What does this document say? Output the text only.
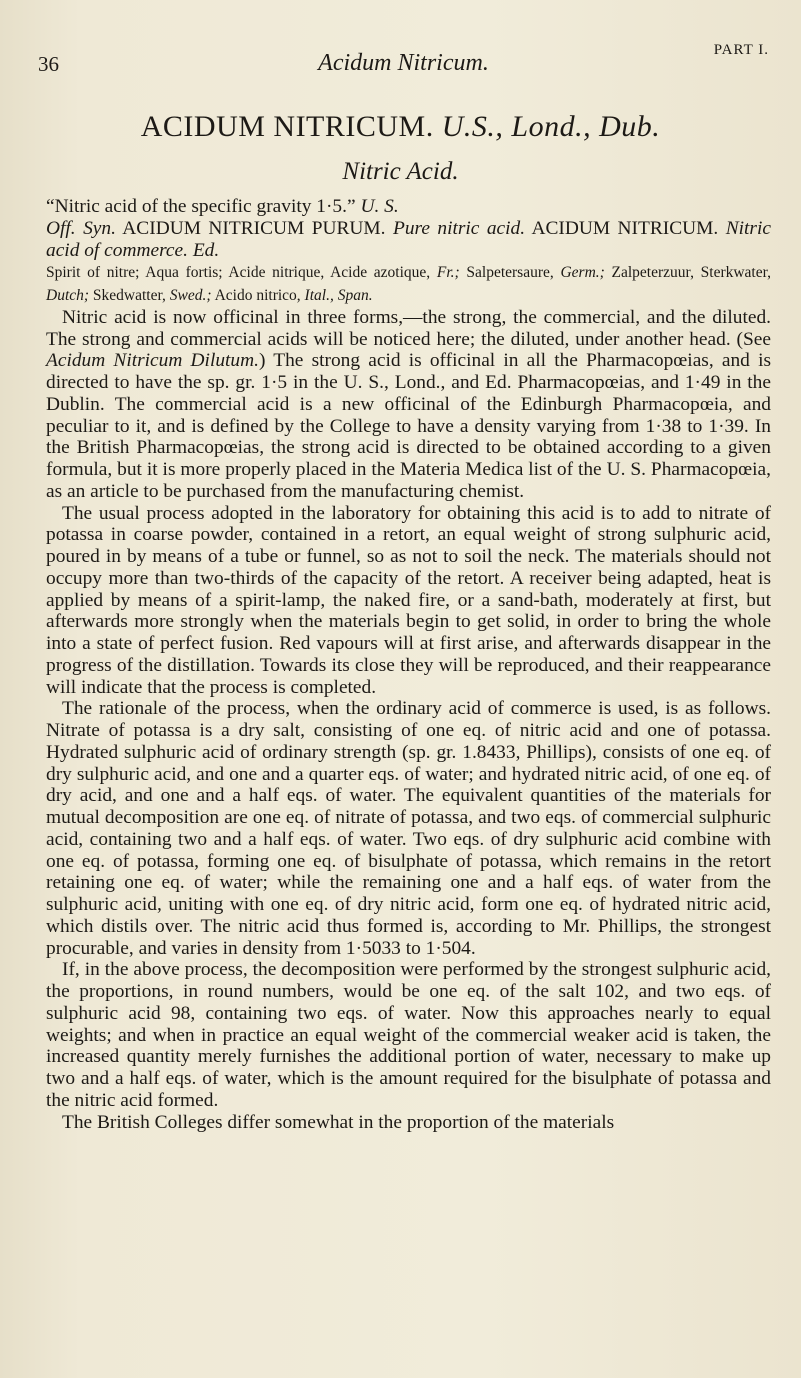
36	Acidum Nitricum.	PART I.
ACIDUM NITRICUM. U.S., Lond., Dub.
Nitric Acid.

“Nitric acid of the specific gravity 1·5.” U. S.
Off. Syn. ACIDUM NITRICUM PURUM. Pure nitric acid. ACIDUM NITRICUM. Nitric acid of commerce. Ed.
Spirit of nitre; Aqua fortis; Acide nitrique, Acide azotique, Fr.; Salpetersaure, Germ.; Zalpeterzuur, Sterkwater, Dutch; Skedwatter, Swed.; Acido nitrico, Ital., Span.

Nitric acid is now officinal in three forms,—the strong, the commercial, and the diluted. The strong and commercial acids will be noticed here; the diluted, under another head. (See Acidum Nitricum Dilutum.) The strong acid is officinal in all the Pharmacopœias, and is directed to have the sp. gr. 1·5 in the U. S., Lond., and Ed. Pharmacopœias, and 1·49 in the Dublin. The commercial acid is a new officinal of the Edinburgh Pharmacopœia, and peculiar to it, and is defined by the College to have a density varying from 1·38 to 1·39. In the British Pharmacopœias, the strong acid is directed to be obtained according to a given formula, but it is more properly placed in the Materia Medica list of the U. S. Pharmacopœia, as an article to be purchased from the manufacturing chemist.

The usual process adopted in the laboratory for obtaining this acid is to add to nitrate of potassa in coarse powder, contained in a retort, an equal weight of strong sulphuric acid, poured in by means of a tube or funnel, so as not to soil the neck. The materials should not occupy more than two-thirds of the capacity of the retort. A receiver being adapted, heat is applied by means of a spirit-lamp, the naked fire, or a sand-bath, moderately at first, but afterwards more strongly when the materials begin to get solid, in order to bring the whole into a state of perfect fusion. Red vapours will at first arise, and afterwards disappear in the progress of the distillation. Towards its close they will be reproduced, and their reappearance will indicate that the process is completed.

The rationale of the process, when the ordinary acid of commerce is used, is as follows. Nitrate of potassa is a dry salt, consisting of one eq. of nitric acid and one of potassa. Hydrated sulphuric acid of ordinary strength (sp. gr. 1.8433, Phillips), consists of one eq. of dry sulphuric acid, and one and a quarter eqs. of water; and hydrated nitric acid, of one eq. of dry acid, and one and a half eqs. of water. The equivalent quantities of the materials for mutual decomposition are one eq. of nitrate of potassa, and two eqs. of commercial sulphuric acid, containing two and a half eqs. of water. Two eqs. of dry sulphuric acid combine with one eq. of potassa, forming one eq. of bisulphate of potassa, which remains in the retort retaining one eq. of water; while the remaining one and a half eqs. of water from the sulphuric acid, uniting with one eq. of dry nitric acid, form one eq. of hydrated nitric acid, which distils over. The nitric acid thus formed is, according to Mr. Phillips, the strongest procurable, and varies in density from 1·5033 to 1·504.

If, in the above process, the decomposition were performed by the strongest sulphuric acid, the proportions, in round numbers, would be one eq. of the salt 102, and two eqs. of sulphuric acid 98, containing two eqs. of water. Now this approaches nearly to equal weights; and when in practice an equal weight of the commercial weaker acid is taken, the increased quantity merely furnishes the additional portion of water, necessary to make up two and a half eqs. of water, which is the amount required for the bisulphate of potassa and the nitric acid formed.

The British Colleges differ somewhat in the proportion of the materials
